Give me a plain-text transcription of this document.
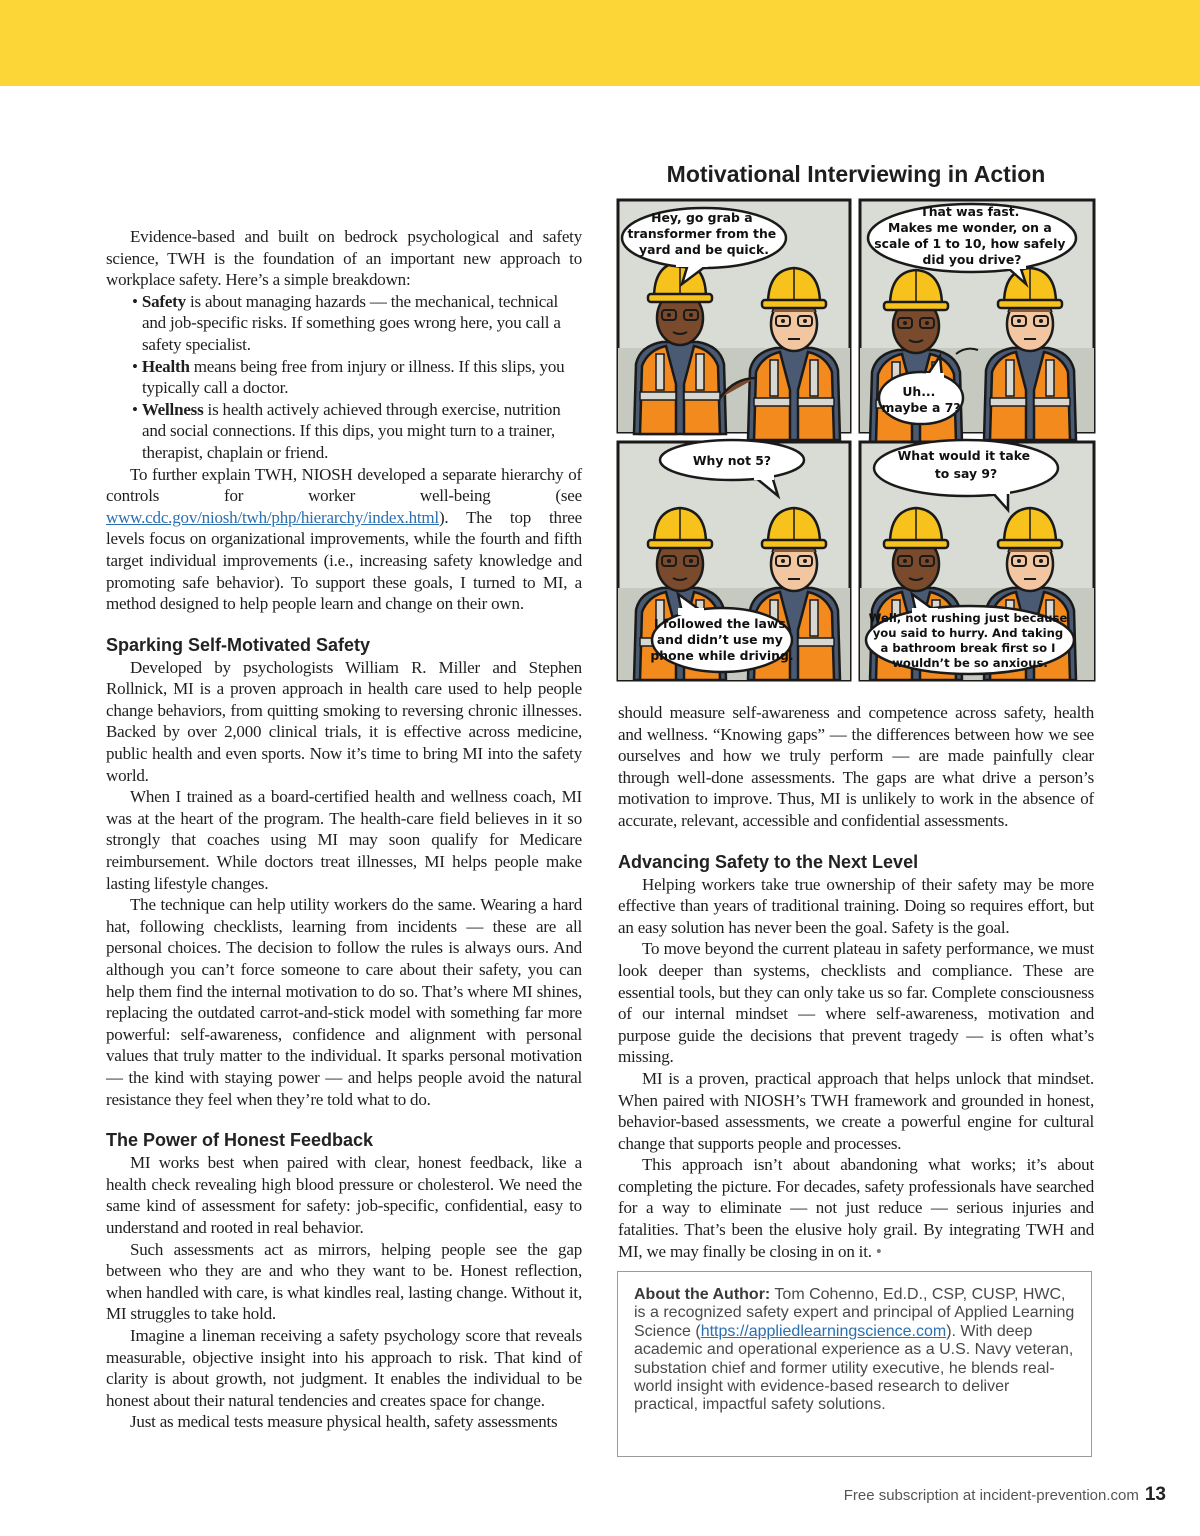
Evidence-based and built on bedrock psychological and safety science, TWH is the foundation of an important new approach to workplace safety. Here’s a simple breakdown:

• Safety is about managing hazards — the mechanical, technical and job-specific risks. If something goes wrong here, you call a safety specialist.
• Health means being free from injury or illness. If this slips, you typically call a doctor.
• Wellness is health actively achieved through exercise, nutrition and social connections. If this dips, you might turn to a trainer, therapist, chaplain or friend.

To further explain TWH, NIOSH developed a separate hierarchy of controls for worker well-being (see www.cdc.gov/niosh/twh/php/hierarchy/index.html). The top three levels focus on organizational improvements, while the fourth and fifth target individual improvements (i.e., increasing safety knowledge and promoting safe behavior). To support these goals, I turned to MI, a method designed to help people learn and change on their own.

Sparking Self-Motivated Safety

Developed by psychologists William R. Miller and Stephen Rollnick, MI is a proven approach in health care used to help people change behaviors, from quitting smoking to reversing chronic illnesses. Backed by over 2,000 clinical trials, it is effective across medicine, public health and even sports. Now it’s time to bring MI into the safety world.

When I trained as a board-certified health and wellness coach, MI was at the heart of the program. The health-care field believes in it so strongly that coaches using MI may soon qualify for Medicare reimbursement. While doctors treat illnesses, MI helps people make lasting lifestyle changes.

The technique can help utility workers do the same. Wearing a hard hat, following checklists, learning from incidents — these are all personal choices. The decision to follow the rules is always ours. And although you can’t force someone to care about their safety, you can help them find the internal motivation to do so. That’s where MI shines, replacing the outdated carrot-and-stick model with something far more powerful: self-awareness, confidence and alignment with personal values that truly matter to the individual. It sparks personal motivation — the kind with staying power — and helps people avoid the natural resistance they feel when they’re told what to do.

The Power of Honest Feedback

MI works best when paired with clear, honest feedback, like a health check revealing high blood pressure or cholesterol. We need the same kind of assessment for safety: job-specific, confidential, easy to understand and rooted in real behavior.

Such assessments act as mirrors, helping people see the gap between who they are and who they want to be. Honest reflection, when handled with care, is what kindles real, lasting change. Without it, MI struggles to take hold.

Imagine a lineman receiving a safety psychology score that reveals measurable, objective insight into his approach to risk. That kind of clarity is about growth, not judgment. It enables the individual to be honest about their natural tendencies and creates space for change.

Just as medical tests measure physical health, safety assessments

Motivational Interviewing in Action
Hey, go grab a transformer from the yard and be quick.
That was fast. Makes me wonder, on a scale of 1 to 10, how safely did you drive?
Uh... maybe a 7?
Why not 5?
I followed the laws and didn’t use my phone while driving.
What would it take to say 9?
Well, not rushing just because you said to hurry. And taking a bathroom break first so I wouldn’t be so anxious.

should measure self-awareness and competence across safety, health and wellness. “Knowing gaps” — the differences between how we see ourselves and how we truly perform — are made painfully clear through well-done assessments. The gaps are what drive a person’s motivation to improve. Thus, MI is unlikely to work in the absence of accurate, relevant, accessible and confidential assessments.

Advancing Safety to the Next Level

Helping workers take true ownership of their safety may be more effective than years of traditional training. Doing so requires effort, but an easy solution has never been the goal. Safety is the goal.

To move beyond the current plateau in safety performance, we must look deeper than systems, checklists and compliance. These are essential tools, but they can only take us so far. Complete consciousness of our internal mindset — where self-awareness, motivation and purpose guide the decisions that prevent tragedy — is often what’s missing.

MI is a proven, practical approach that helps unlock that mindset. When paired with NIOSH’s TWH framework and grounded in honest, behavior-based assessments, we create a powerful engine for cultural change that supports people and processes.

This approach isn’t about abandoning what works; it’s about completing the picture. For decades, safety professionals have searched for a way to eliminate — not just reduce — serious injuries and fatalities. That’s been the elusive holy grail. By integrating TWH and MI, we may finally be closing in on it. •

About the Author: Tom Cohenno, Ed.D., CSP, CUSP, HWC, is a recognized safety expert and principal of Applied Learning Science (https://appliedlearningscience.com). With deep academic and operational experience as a U.S. Navy veteran, substation chief and former utility executive, he blends real-world insight with evidence-based research to deliver practical, impactful safety solutions.
Free subscription at incident-prevention.com 13
